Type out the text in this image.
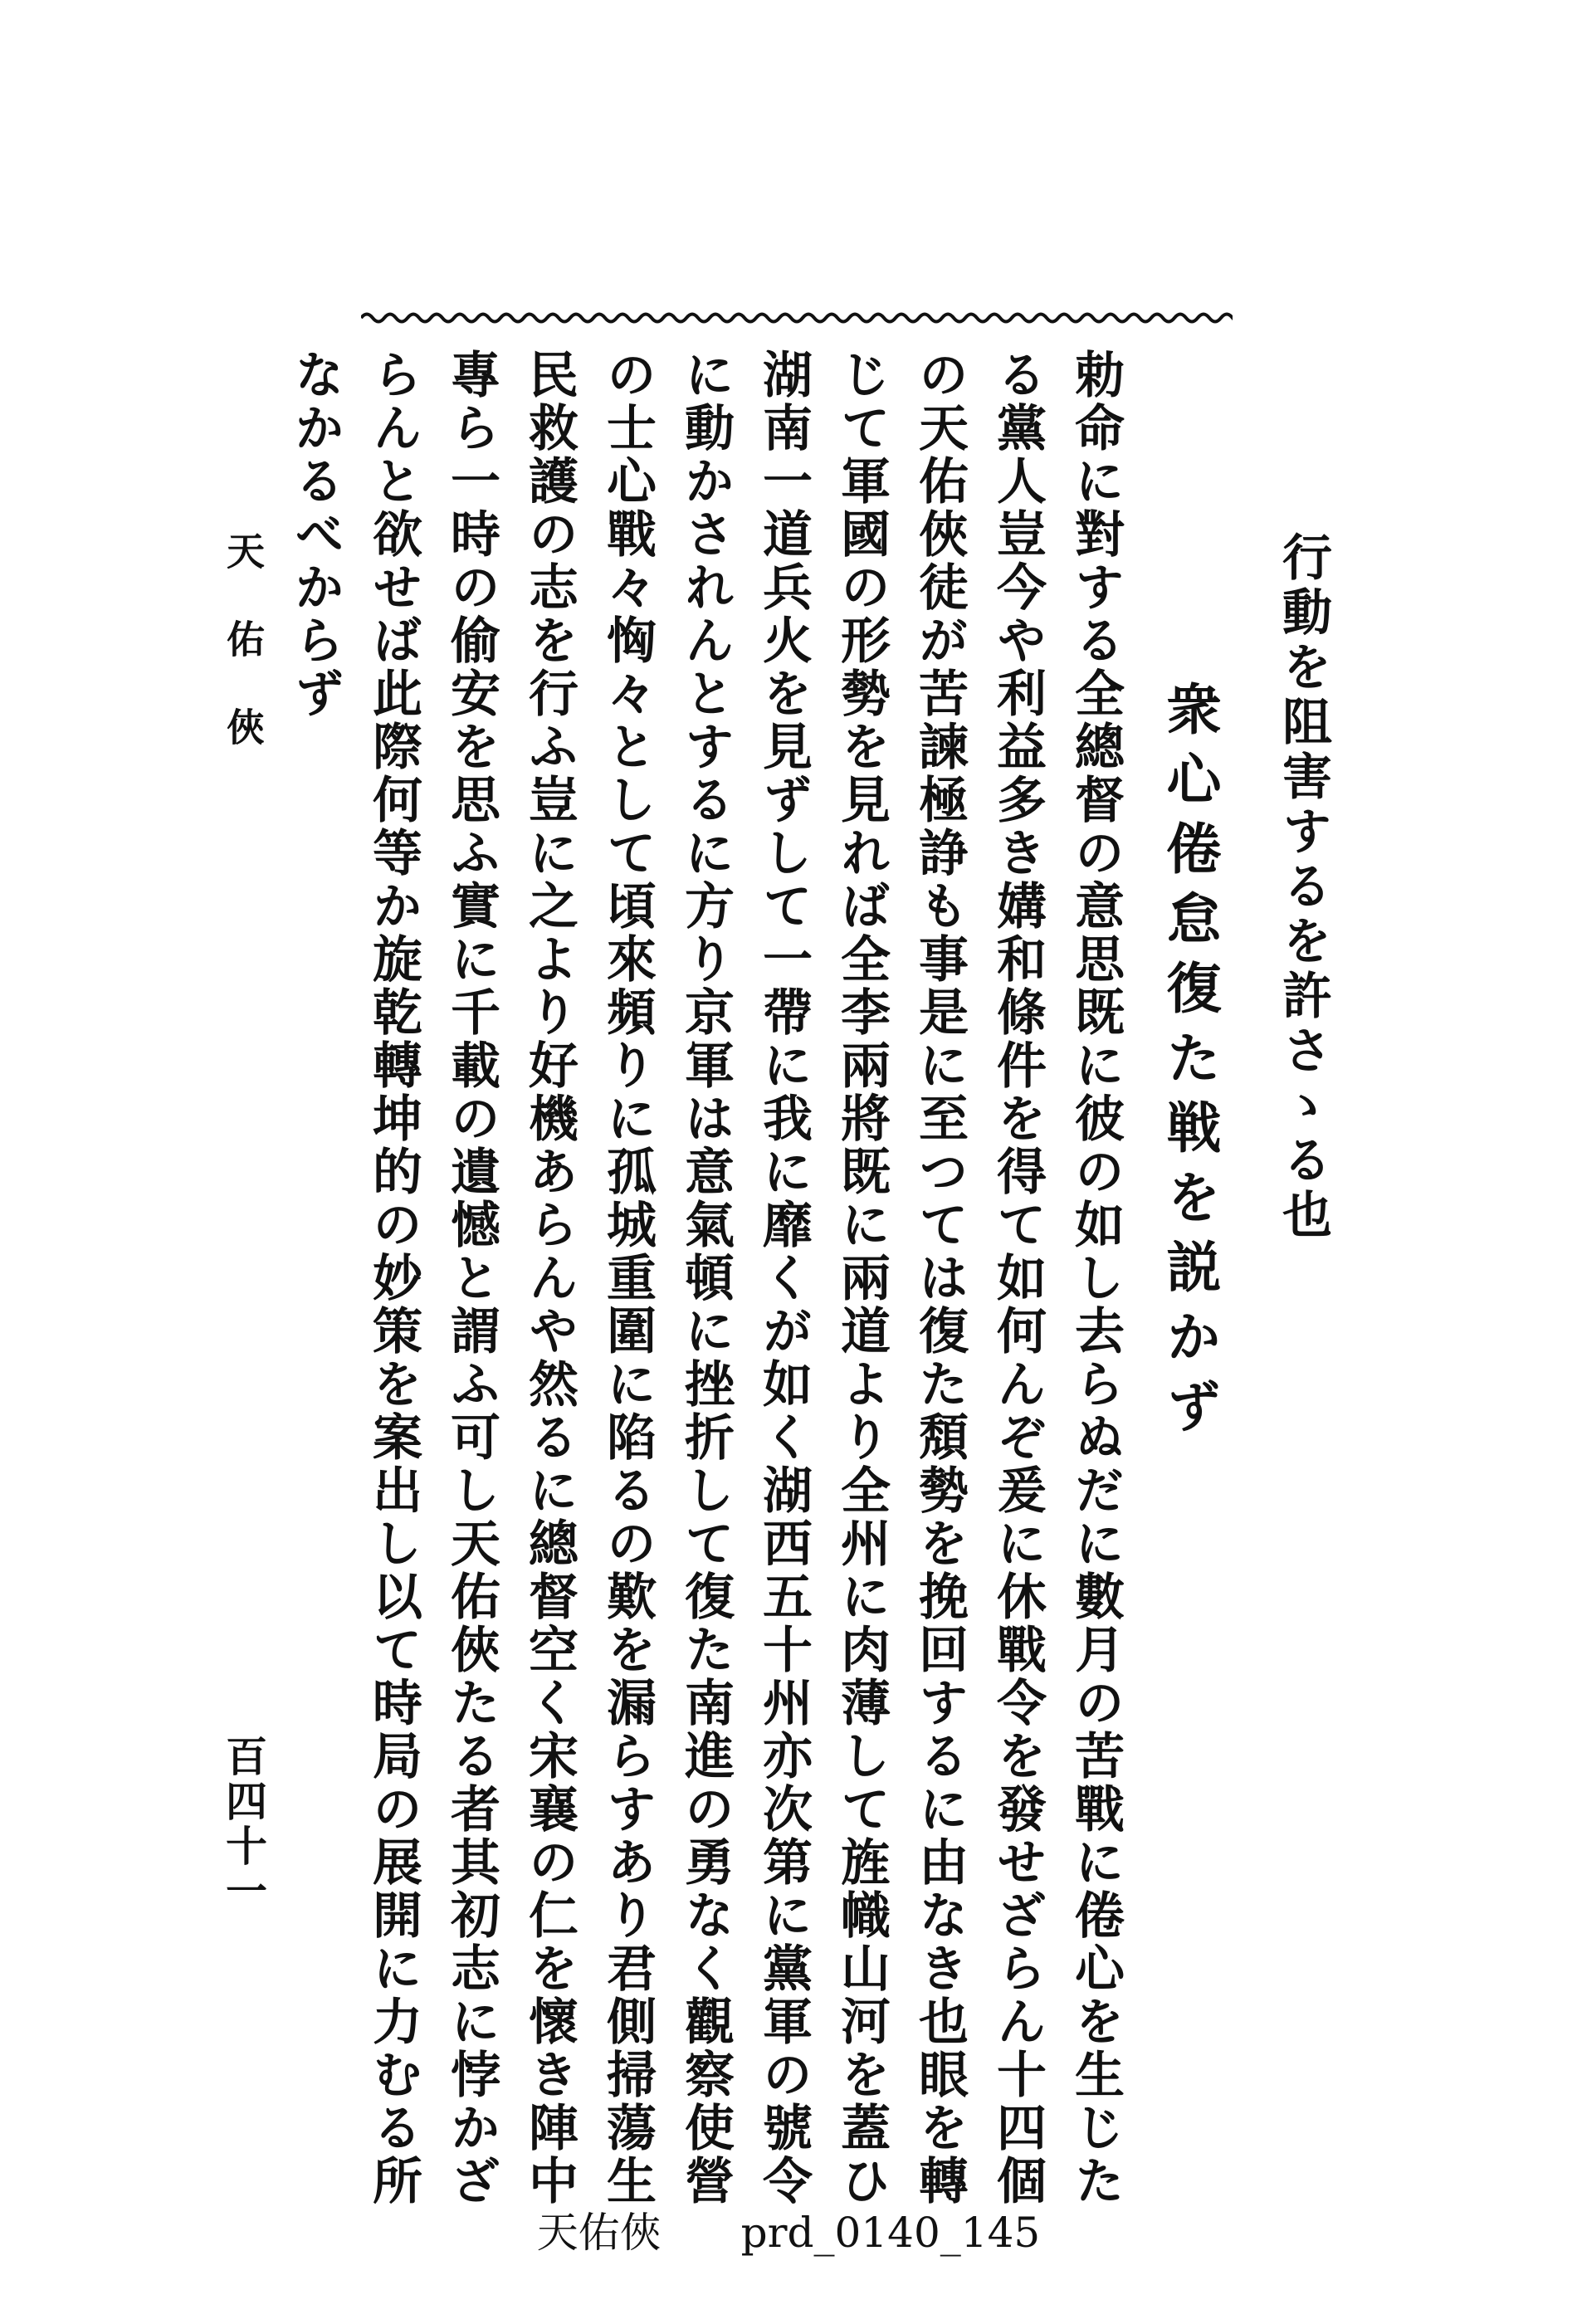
行動を阻害するを許さゝる也
衆心倦怠復た戦を説かず
勅命に對する全總督の意思既に彼の如し去らぬだに數月の苦戰に倦心を生じた
る黨人豈今や利益多き媾和條件を得て如何んぞ爰に休戰令を發せざらん十四個
の天佑俠徒が苦諫極諍も事是に至つては復た頽勢を挽回するに由なき也眼を轉
じて軍國の形勢を見れば全李兩將既に兩道より全州に肉薄して旌幟山河を蓋ひ
湖南一道兵火を見ずして一帶に我に靡くが如く湖西五十州亦次第に黨軍の號令
に動かされんとするに方り京軍は意氣頓に挫折して復た南進の勇なく觀察使營
の士心戰々恟々として頃來頻りに孤城重圍に陷るの歎を漏らすあり君側掃蕩生
民救護の志を行ふ豈に之より好機あらんや然るに總督空く宋襄の仁を懷き陣中
專ら一時の偷安を思ふ實に千載の遺憾と謂ふ可し天佑俠たる者其初志に悖かざ
らんと欲せば此際何等か旋乾轉坤的の妙策を案出し以て時局の展開に力むる所
なかるべからず
天佑俠
百四十一
天佑俠 prd_0140_145
